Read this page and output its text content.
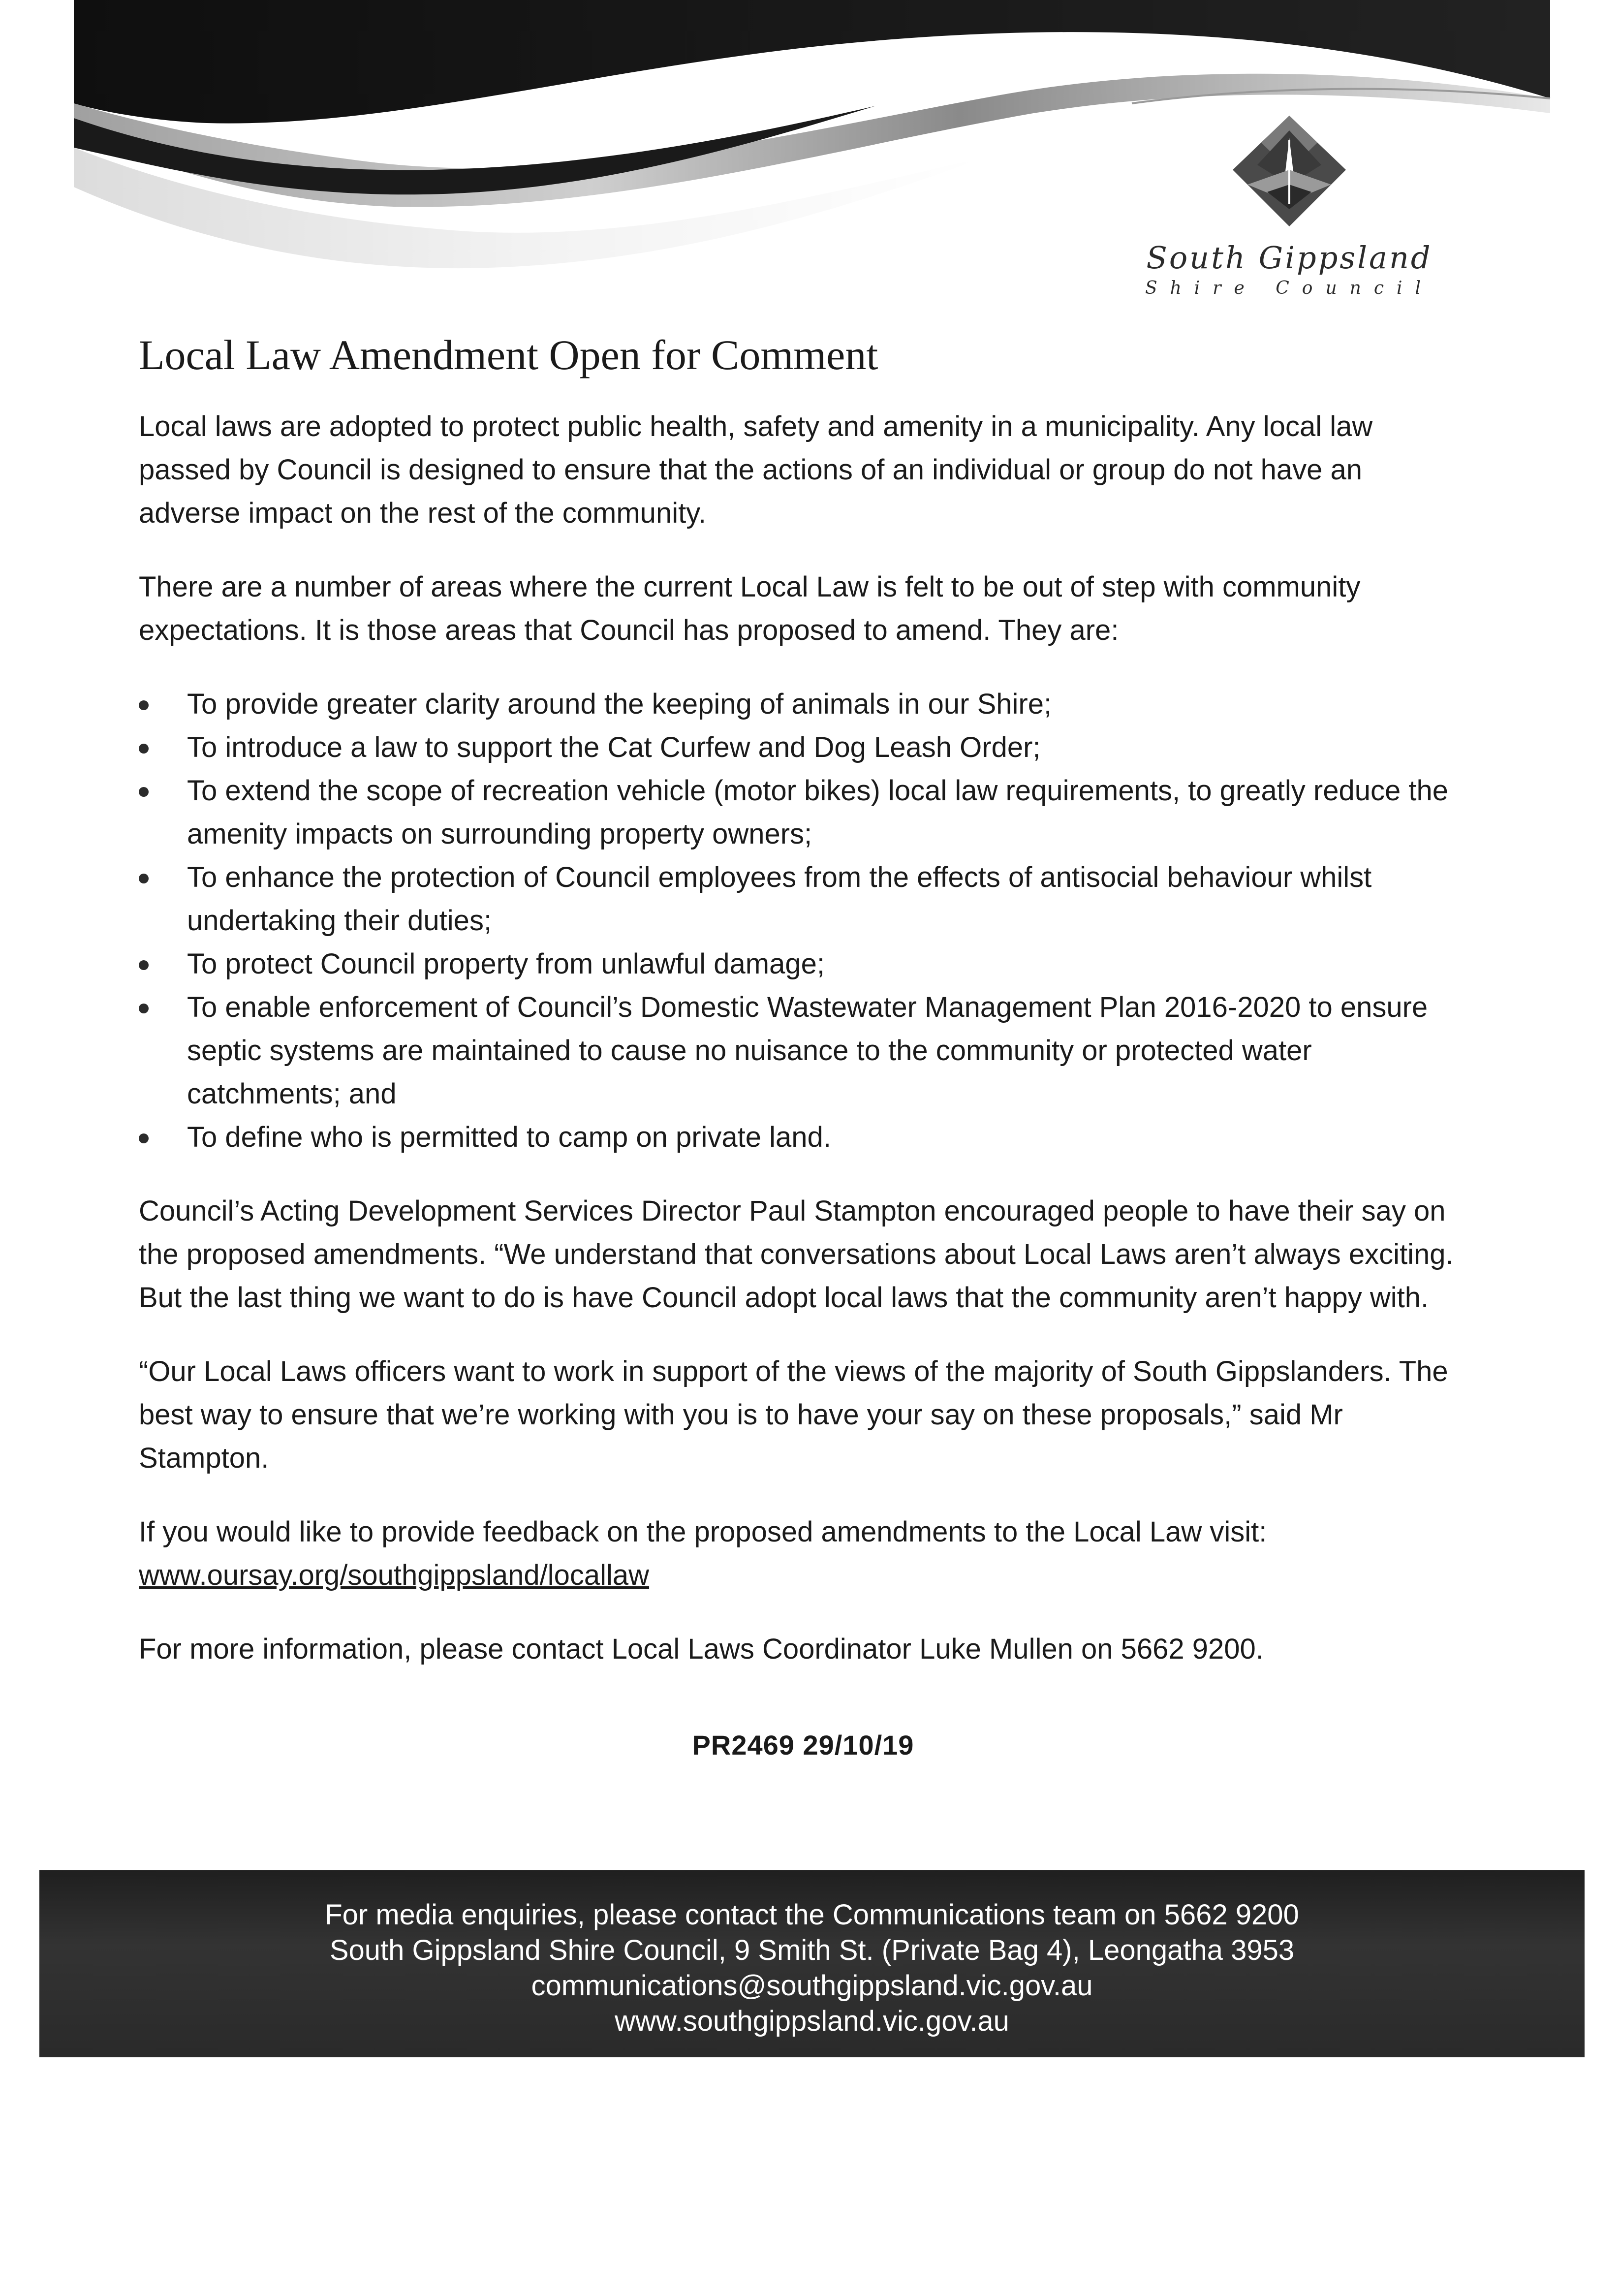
South Gippsland
Shire Council
Local Law Amendment Open for Comment

Local laws are adopted to protect public health, safety and amenity in a municipality. Any local law passed by Council is designed to ensure that the actions of an individual or group do not have an adverse impact on the rest of the community.

There are a number of areas where the current Local Law is felt to be out of step with community expectations. It is those areas that Council has proposed to amend. They are:

To provide greater clarity around the keeping of animals in our Shire;
To introduce a law to support the Cat Curfew and Dog Leash Order;
To extend the scope of recreation vehicle (motor bikes) local law requirements, to greatly reduce the amenity impacts on surrounding property owners;
To enhance the protection of Council employees from the effects of antisocial behaviour whilst undertaking their duties;
To protect Council property from unlawful damage;
To enable enforcement of Council’s Domestic Wastewater Management Plan 2016-2020 to ensure septic systems are maintained to cause no nuisance to the community or protected water catchments; and
To define who is permitted to camp on private land.

Council’s Acting Development Services Director Paul Stampton encouraged people to have their say on the proposed amendments. “We understand that conversations about Local Laws aren’t always exciting. But the last thing we want to do is have Council adopt local laws that the community aren’t happy with.

“Our Local Laws officers want to work in support of the views of the majority of South Gippslanders. The best way to ensure that we’re working with you is to have your say on these proposals,” said Mr Stampton.

If you would like to provide feedback on the proposed amendments to the Local Law visit:
www.oursay.org/southgippsland/locallaw

For more information, please contact Local Laws Coordinator Luke Mullen on 5662 9200.

PR2469 29/10/19
For media enquiries, please contact the Communications team on 5662 9200
South Gippsland Shire Council, 9 Smith St. (Private Bag 4), Leongatha 3953
communications@southgippsland.vic.gov.au
www.southgippsland.vic.gov.au
